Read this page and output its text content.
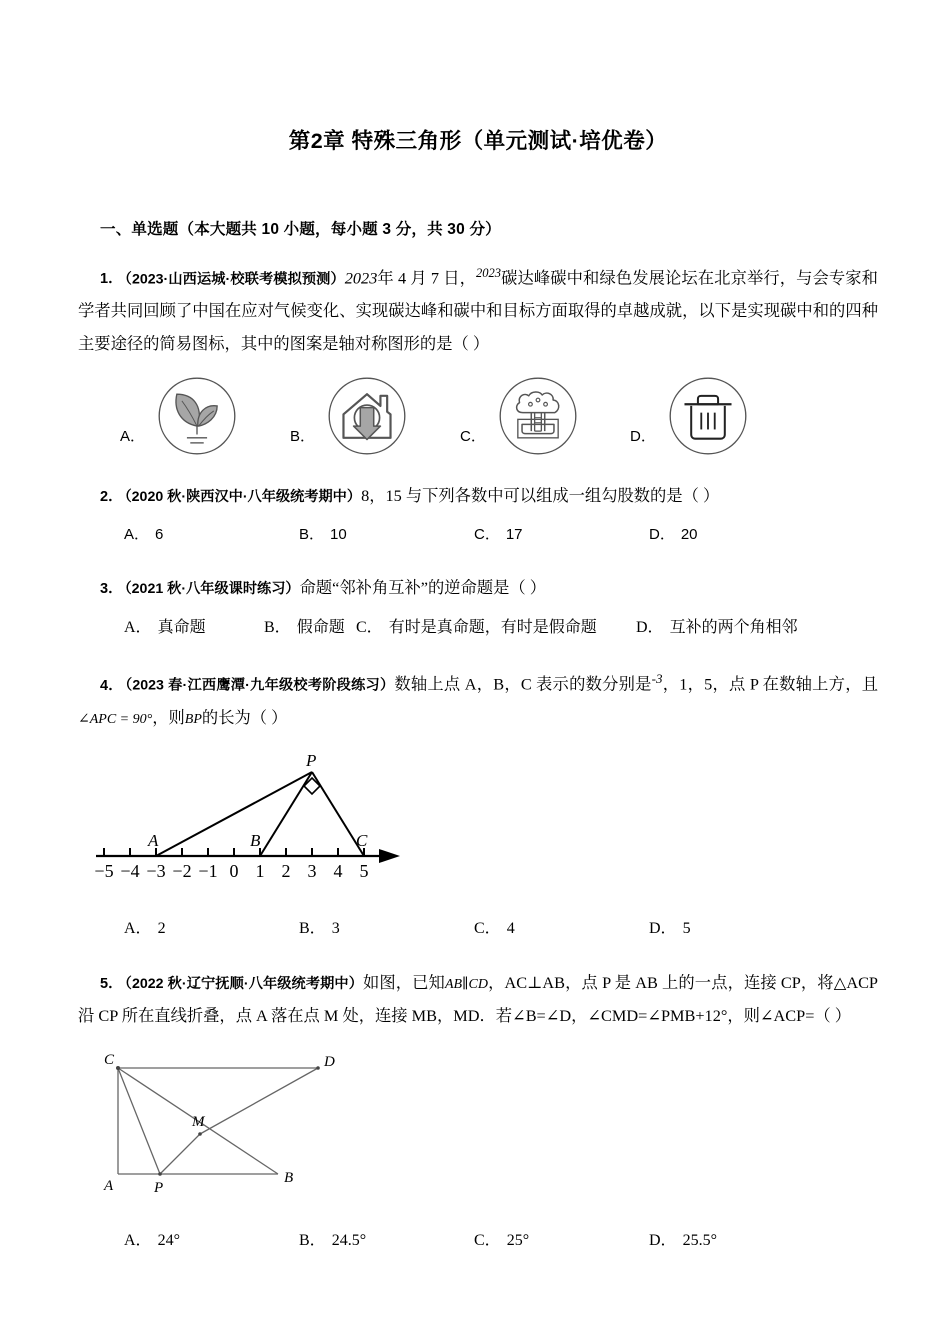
第2章 特殊三角形（单元测试·培优卷）
一、单选题（本大题共 10 小题，每小题 3 分，共 30 分）
1． （2023·山西运城·校联考模拟预测）2023年 4 月 7 日，$^{2023}$碳达峰碳中和绿色发展论坛在北京举行，与会专家和学者共同回顾了中国在应对气候变化、实现碳达峰和碳中和目标方面取得的卓越成就，以下是实现碳中和的四种主要途径的简易图标，其中的图案是轴对称图形的是（ ）
A．	B．	C．	D．
2． （2020 秋·陕西汉中·八年级统考期中）8，15 与下列各数中可以组成一组勾股数的是（ ）
A． 6	B． 10	C． 17	D． 20
3． （2021 秋·八年级课时练习）命题“邻补角互补”的逆命题是（ ）
A． 真命题	B． 假命题 C． 有时是真命题，有时是假命题	D． 互补的两个角相邻
4． （2023 春·江西鹰潭·九年级校考阶段练习）数轴上点 A，B，C 表示的数分别是$^{-3}$，1，5，点 P 在数轴上方，且∠APC = 90°，则BP的长为（ ）
A	B	C
P
−5 −4 −3 −2 −1 0 1 2 3 4 5
A． 2	B． 3	C． 4	D． 5
5． （2022 秋·辽宁抚顺·八年级统考期中）如图，已知AB∥CD，AC⊥AB，点 P 是 AB 上的一点，连接 CP，将△ACP 沿 CP 所在直线折叠，点 A 落在点 M 处，连接 MB，MD．若∠B=∠D，∠CMD=∠PMB+12°，则∠ACP=（ ）
C	D
A	P
B
M
A． 24°	B． 24.5°	C． 25°	D． 25.5°
